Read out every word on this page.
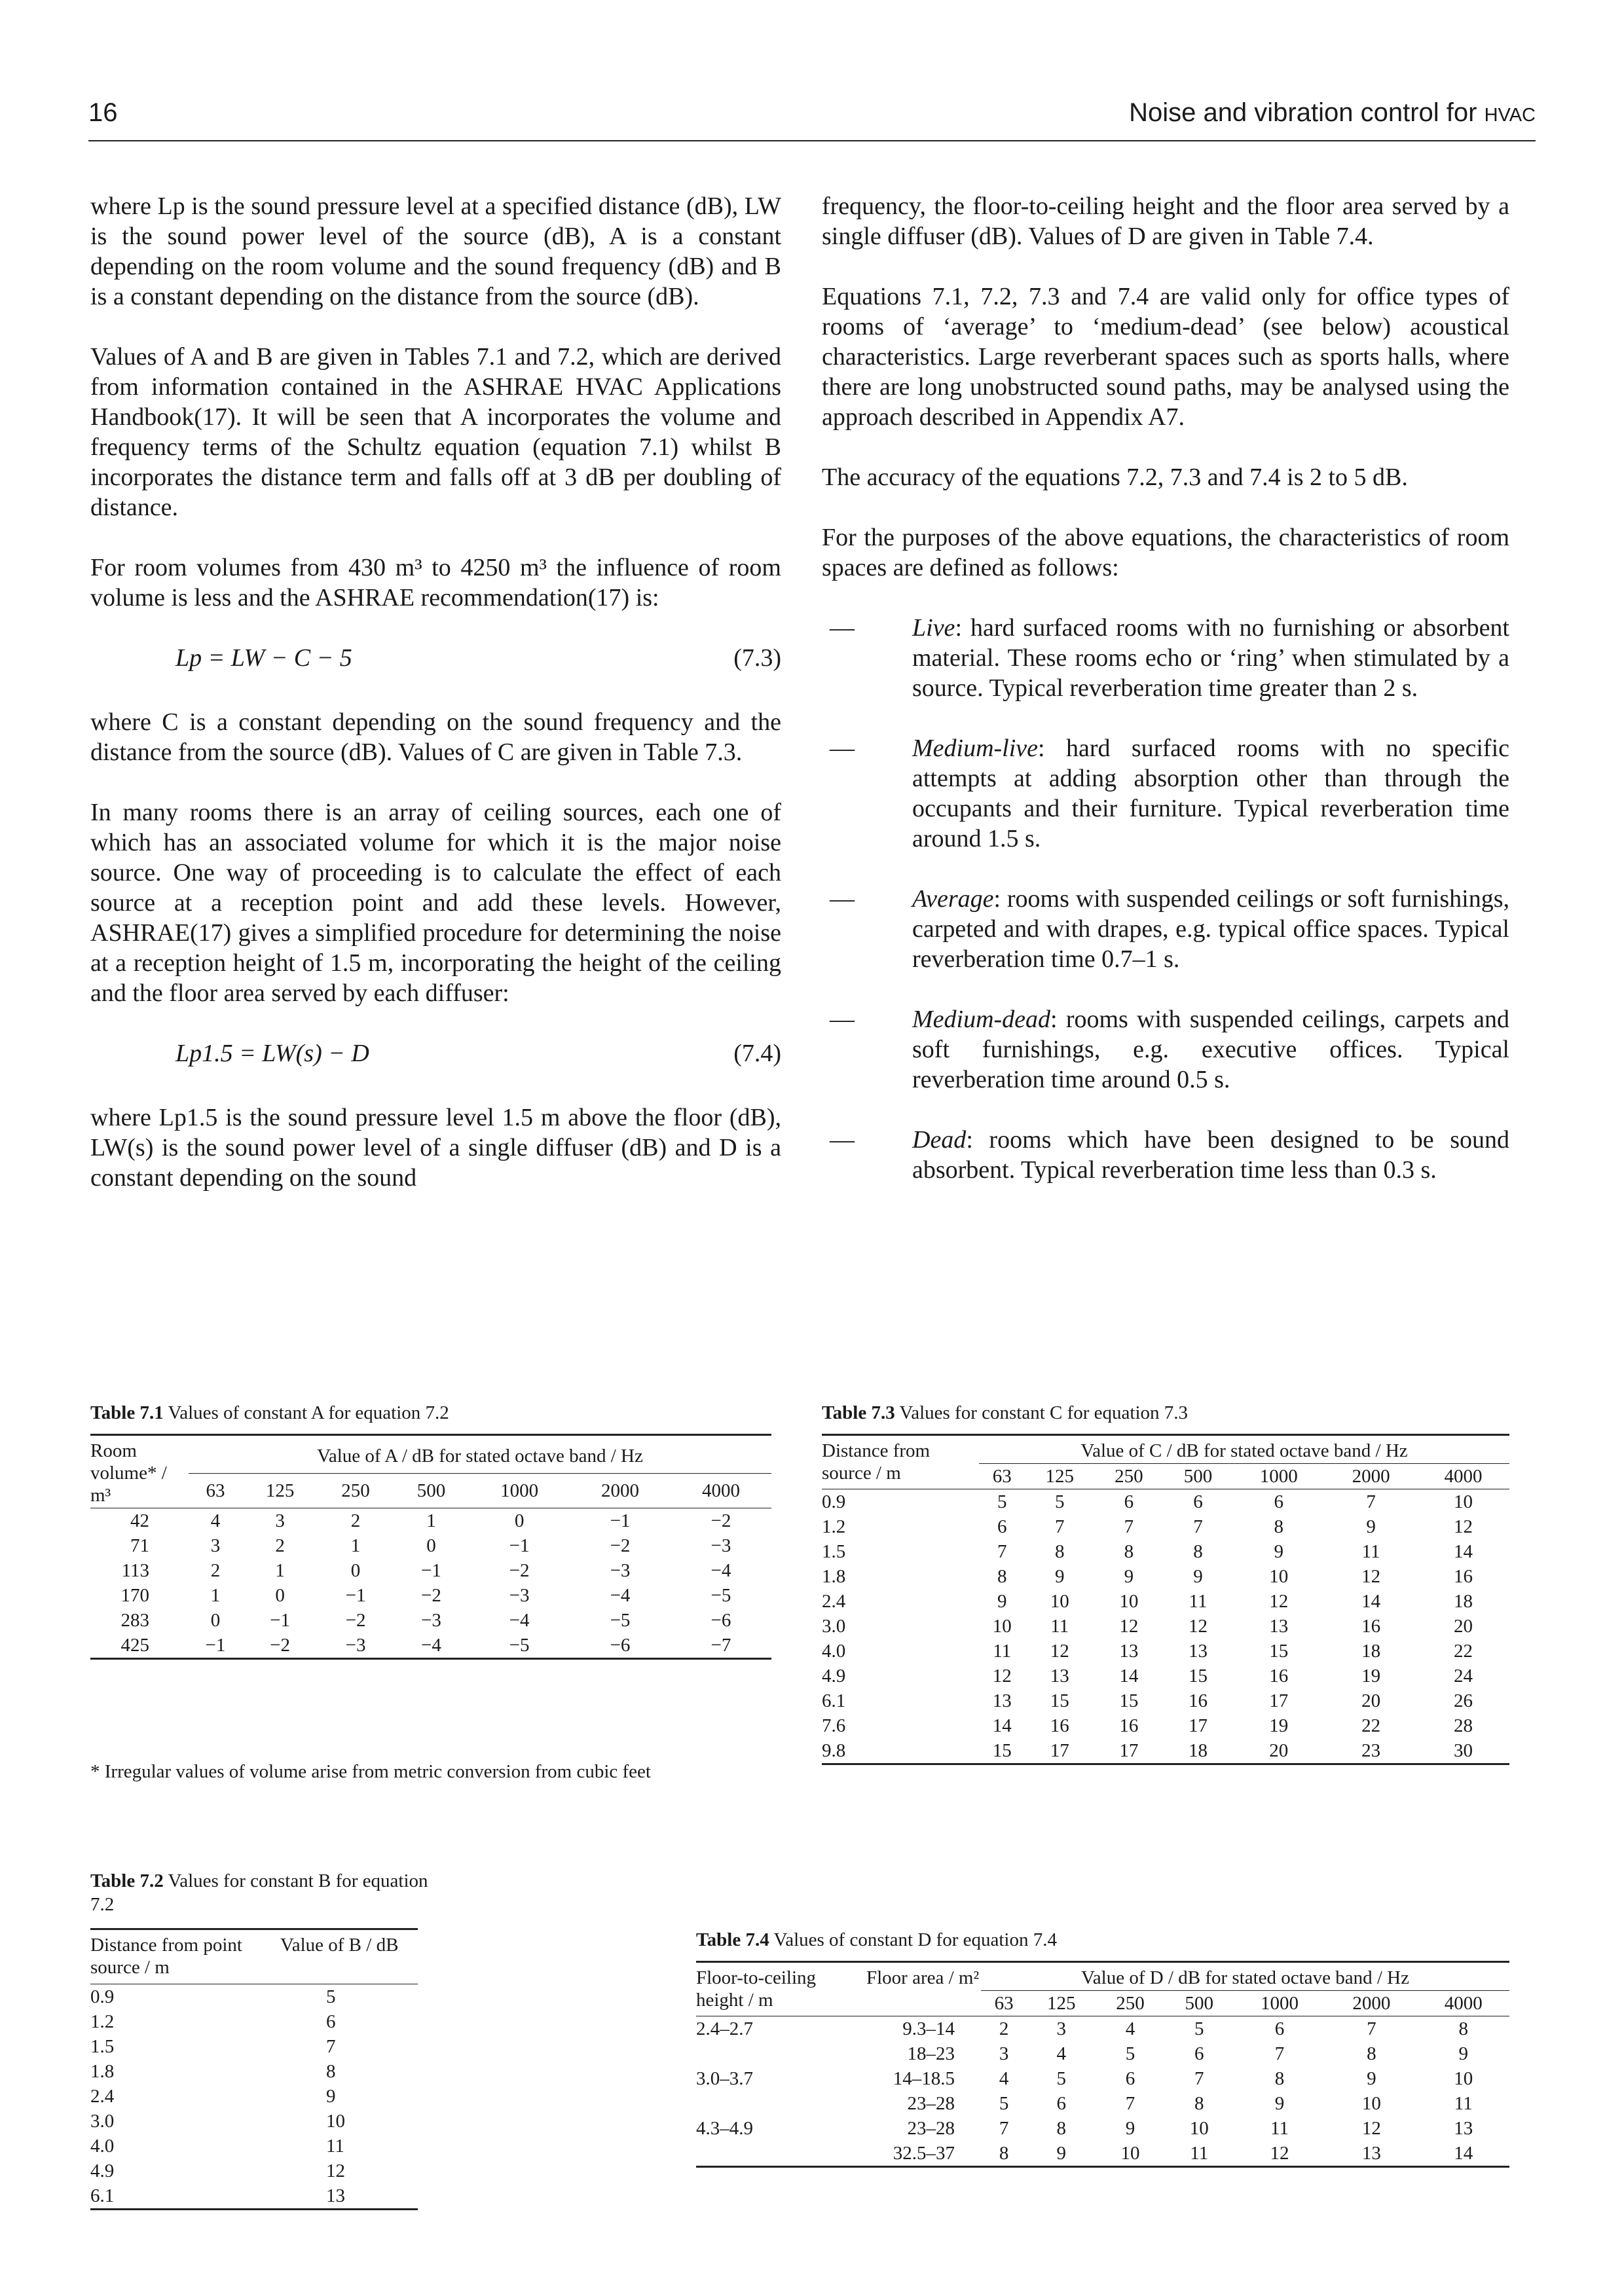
16	Noise and vibration control for HVAC

where Lp is the sound pressure level at a specified distance (dB), LW is the sound power level of the source (dB), A is a constant depending on the room volume and the sound frequency (dB) and B is a constant depending on the distance from the source (dB).

Values of A and B are given in Tables 7.1 and 7.2, which are derived from information contained in the ASHRAE HVAC Applications Handbook(17). It will be seen that A incorporates the volume and frequency terms of the Schultz equation (equation 7.1) whilst B incorporates the distance term and falls off at 3 dB per doubling of distance.

For room volumes from 430 m³ to 4250 m³ the influence of room volume is less and the ASHRAE recommendation(17) is:

Lp = LW − C − 5	(7.3)

where C is a constant depending on the sound frequency and the distance from the source (dB). Values of C are given in Table 7.3.

In many rooms there is an array of ceiling sources, each one of which has an associated volume for which it is the major noise source. One way of proceeding is to calculate the effect of each source at a reception point and add these levels. However, ASHRAE(17) gives a simplified procedure for determining the noise at a reception height of 1.5 m, incorporating the height of the ceiling and the floor area served by each diffuser:

Lp1.5 = LW(s) − D	(7.4)

where Lp1.5 is the sound pressure level 1.5 m above the floor (dB), LW(s) is the sound power level of a single diffuser (dB) and D is a constant depending on the sound

frequency, the floor-to-ceiling height and the floor area served by a single diffuser (dB). Values of D are given in Table 7.4.

Equations 7.1, 7.2, 7.3 and 7.4 are valid only for office types of rooms of ‘average’ to ‘medium-dead’ (see below) acoustical characteristics. Large reverberant spaces such as sports halls, where there are long unobstructed sound paths, may be analysed using the approach described in Appendix A7.

The accuracy of the equations 7.2, 7.3 and 7.4 is 2 to 5 dB.

For the purposes of the above equations, the characteristics of room spaces are defined as follows:

— Live: hard surfaced rooms with no furnishing or absorbent material. These rooms echo or ‘ring’ when stimulated by a source. Typical reverberation time greater than 2 s.
— Medium-live: hard surfaced rooms with no specific attempts at adding absorption other than through the occupants and their furniture. Typical reverberation time around 1.5 s.
— Average: rooms with suspended ceilings or soft furnishings, carpeted and with drapes, e.g. typical office spaces. Typical reverberation time 0.7–1 s.
— Medium-dead: rooms with suspended ceilings, carpets and soft furnishings, e.g. executive offices. Typical reverberation time around 0.5 s.
— Dead: rooms which have been designed to be sound absorbent. Typical reverberation time less than 0.3 s.
Table 7.1 Values of constant A for equation 7.2
Room volume* / m³	Value of A / dB for stated octave band / Hz						
	63	125	250	500	1000	2000	4000
42	4	3	2	1	0	−1	−2
71	3	2	1	0	−1	−2	−3
113	2	1	0	−1	−2	−3	−4
170	1	0	−1	−2	−3	−4	−5
283	0	−1	−2	−3	−4	−5	−6
425	−1	−2	−3	−4	−5	−6	−7
* Irregular values of volume arise from metric conversion from cubic feet
Table 7.2 Values for constant B for equation 7.2
Distance from point source / m	Value of B / dB
0.9	5
1.2	6
1.5	7
1.8	8
2.4	9
3.0	10
4.0	11
4.9	12
6.1	13
Table 7.3 Values for constant C for equation 7.3
Distance from source / m	Value of C / dB for stated octave band / Hz						
	63	125	250	500	1000	2000	4000
0.9	5	5	6	6	6	7	10
1.2	6	7	7	7	8	9	12
1.5	7	8	8	8	9	11	14
1.8	8	9	9	9	10	12	16
2.4	9	10	10	11	12	14	18
3.0	10	11	12	12	13	16	20
4.0	11	12	13	13	15	18	22
4.9	12	13	14	15	16	19	24
6.1	13	15	15	16	17	20	26
7.6	14	16	16	17	19	22	28
9.8	15	17	17	18	20	23	30
Table 7.4 Values of constant D for equation 7.4
Floor-to-ceiling height / m	Floor area / m²	Value of D / dB for stated octave band / Hz						
		63	125	250	500	1000	2000	4000
2.4–2.7	9.3–14	2	3	4	5	6	7	8
	18–23	3	4	5	6	7	8	9
3.0–3.7	14–18.5	4	5	6	7	8	9	10
	23–28	5	6	7	8	9	10	11
4.3–4.9	23–28	7	8	9	10	11	12	13
	32.5–37	8	9	10	11	12	13	14
